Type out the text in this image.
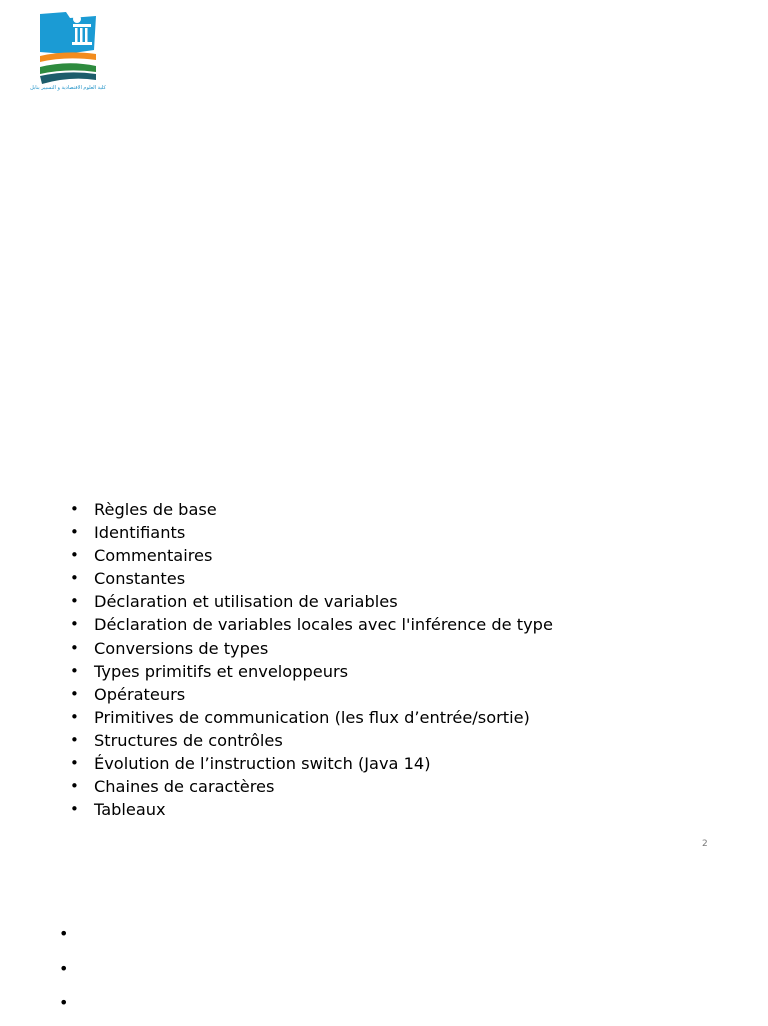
كلية العلوم الاقتصادية و التسيير بنابل
• Règles de base
• Identifiants
• Commentaires
• Constantes
• Déclaration et utilisation de variables
• Déclaration de variables locales avec l'inférence de type
• Conversions de types
• Types primitifs et enveloppeurs
• Opérateurs
• Primitives de communication (les flux d’entrée/sortie)
• Structures de contrôles
• Évolution de l’instruction switch (Java 14)
• Chaines de caractères
• Tableaux
2
•
•
•
